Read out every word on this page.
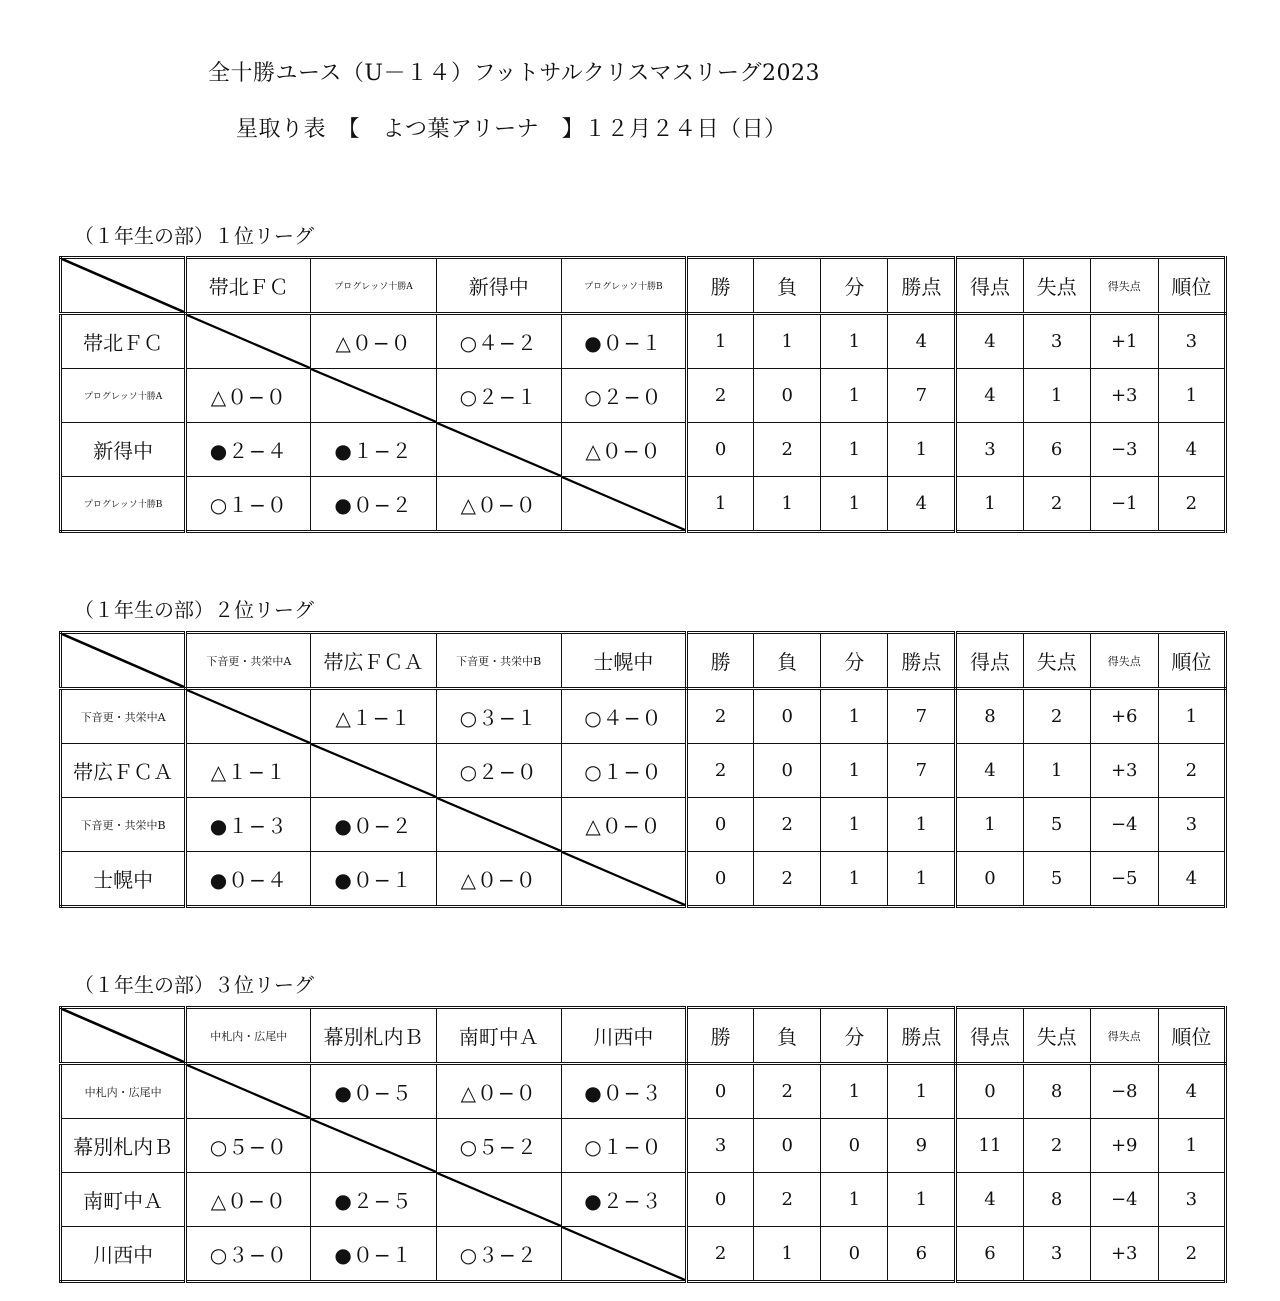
全十勝ユース（U－１４）フットサルクリスマスリーグ2023
星取り表　【　よつ葉アリーナ　】１２月２４日（日）
（１年生の部）１位リーグ
	帯北ＦＣ	プログレッソ十勝A	新得中	プログレッソ十勝B	勝	負	分	勝点	得点	失点	得失点	順位
帯北ＦＣ		△０−０	○４−２	●０−１	1	1	1	4	4	3	+1	3
プログレッソ十勝A	△０−０		○２−１	○２−０	2	0	1	7	4	1	+3	1
新得中	●２−４	●１−２		△０−０	0	2	1	1	3	6	−3	4
プログレッソ十勝B	○１−０	●０−２	△０−０		1	1	1	4	1	2	−1	2
（１年生の部）２位リーグ
	下音更・共栄中A	帯広ＦＣＡ	下音更・共栄中B	士幌中	勝	負	分	勝点	得点	失点	得失点	順位
下音更・共栄中A		△１−１	○３−１	○４−０	2	0	1	7	8	2	+6	1
帯広ＦＣＡ	△１−１		○２−０	○１−０	2	0	1	7	4	1	+3	2
下音更・共栄中B	●１−３	●０−２		△０−０	0	2	1	1	1	5	−4	3
士幌中	●０−４	●０−１	△０−０		0	2	1	1	0	5	−5	4
（１年生の部）３位リーグ
	中札内・広尾中	幕別札内Ｂ	南町中Ａ	川西中	勝	負	分	勝点	得点	失点	得失点	順位
中札内・広尾中		●０−５	△０−０	●０−３	0	2	1	1	0	8	−8	4
幕別札内Ｂ	○５−０		○５−２	○１−０	3	0	0	9	11	2	+9	1
南町中Ａ	△０−０	●２−５		●２−３	0	2	1	1	4	8	−4	3
川西中	○３−０	●０−１	○３−２		2	1	0	6	6	3	+3	2
